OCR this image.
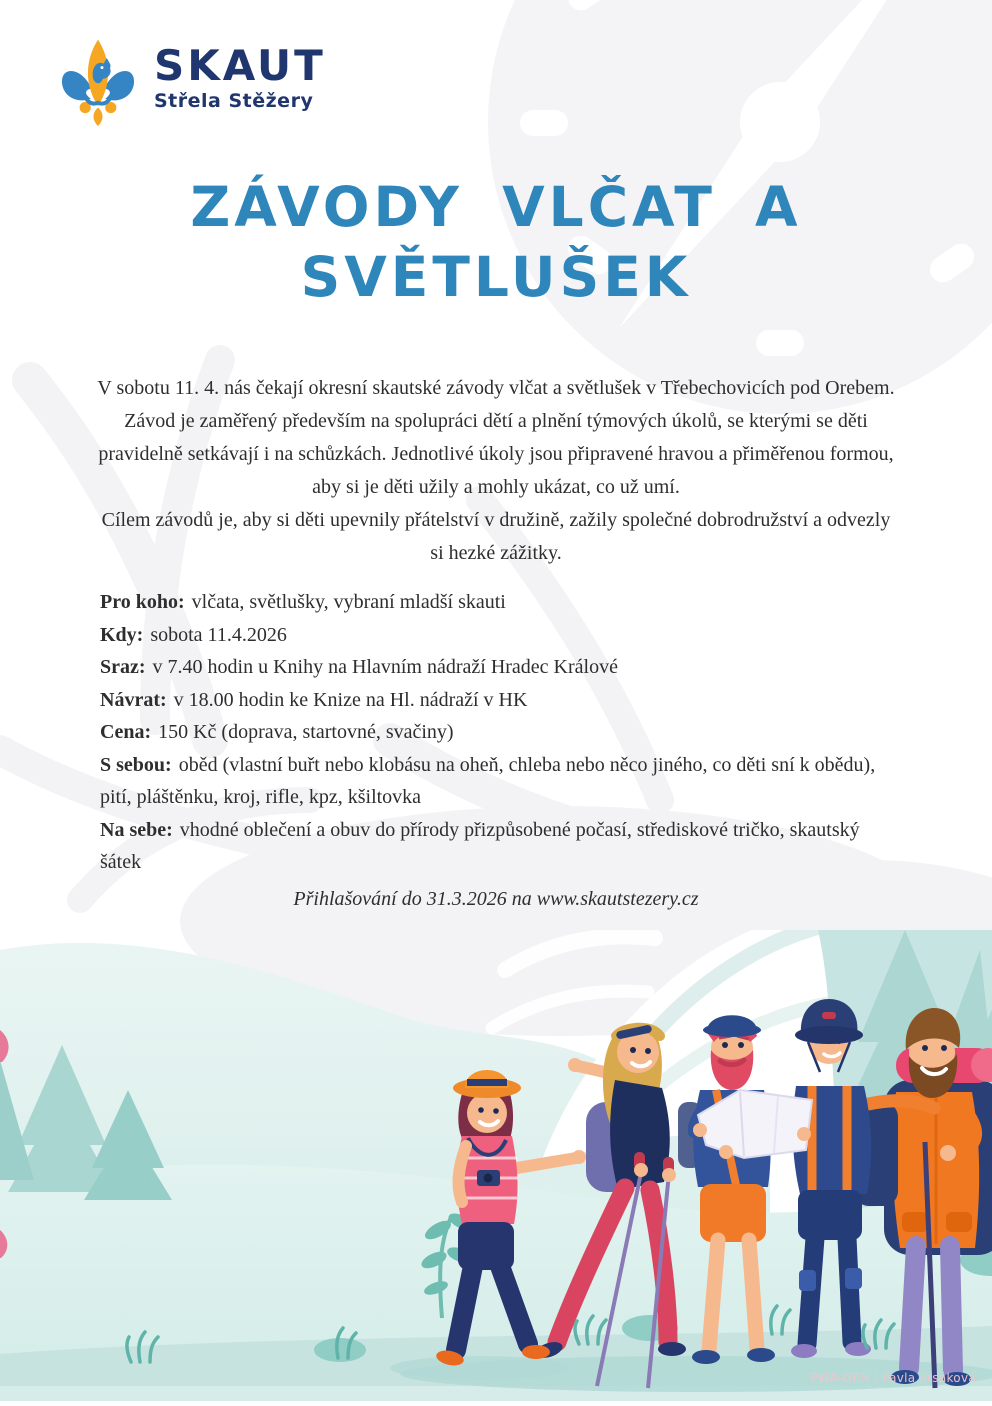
SKAUT
Střela Stěžery
ZÁVODY VLČAT A
SVĚTLUŠEK

V sobotu 11. 4. nás čekají okresní skautské závody vlčat a světlušek v Třebechovicích pod Orebem. Závod je zaměřený především na spolupráci dětí a plnění týmových úkolů, se kterými se děti pravidelně setkávají i na schůzkách. Jednotlivé úkoly jsou připravené hravou a přiměřenou formou, aby si je děti užily a mohly ukázat, co už umí.

Cílem závodů je, aby si děti upevnily přátelství v družině, zažily společné dobrodružství a odvezly si hezké zážitky.

Pro koho: vlčata, světlušky, vybraní mladší skauti
Kdy: sobota 11.4.2026
Sraz: v 7.40 hodin u Knihy na Hlavním nádraží Hradec Králové
Návrat: v 18.00 hodin ke Knize na Hl. nádraží v HK
Cena: 150 Kč (doprava, startovné, svačiny)
S sebou: oběd (vlastní buřt nebo klobásu na oheň, chleba nebo něco jiného, co děti sní k obědu), pití, pláštěnku, kroj, rifle, kpz, kšiltovka
Na sebe: vhodné oblečení a obuv do přírody přizpůsobené počasí, střediskové tričko, skautský šátek
Přihlašování do 31.3.2026 na www.skautstezery.cz
PWA-GEN | Pavla Jirsáková
